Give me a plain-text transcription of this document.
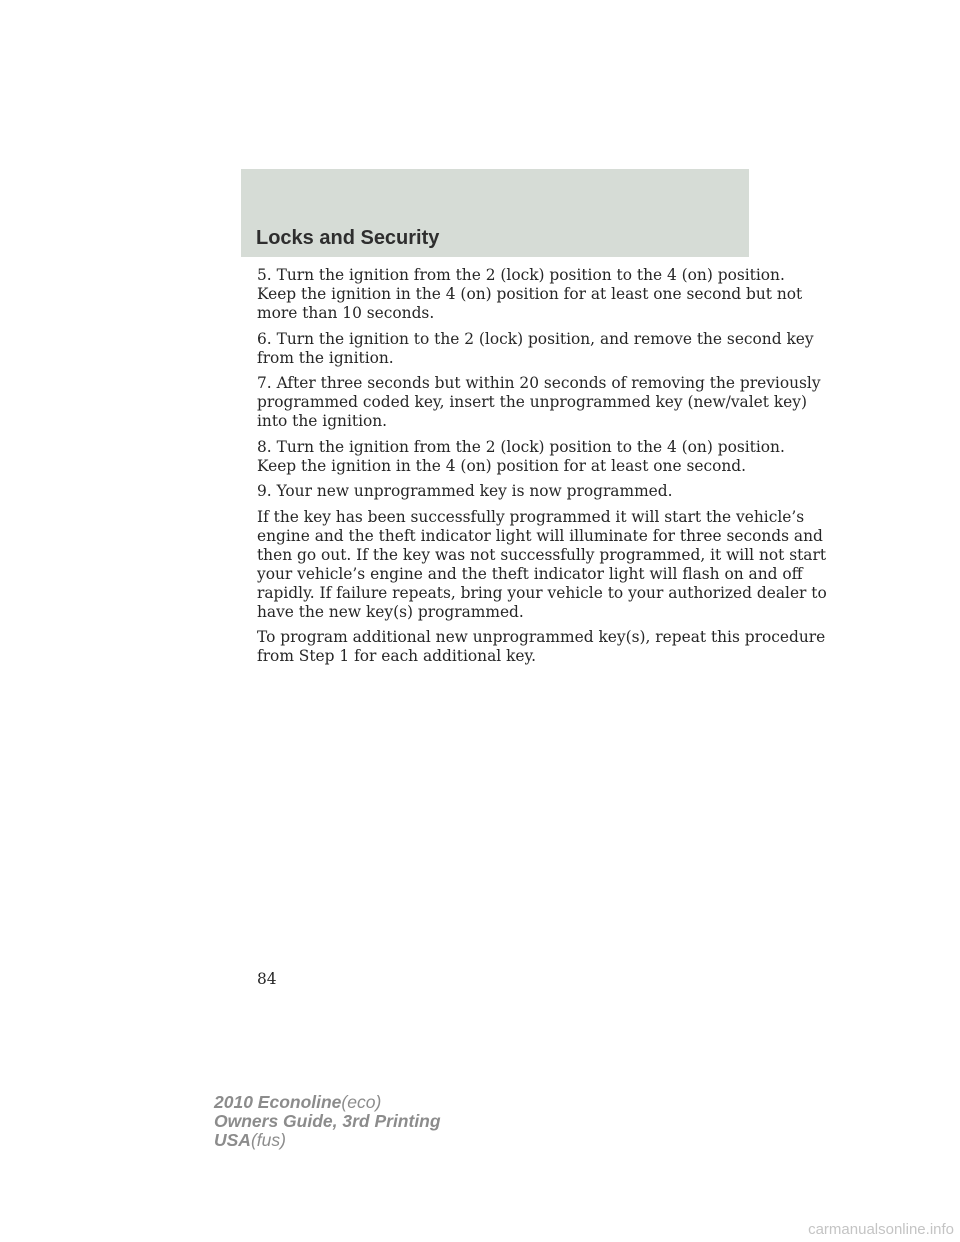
Locks and Security

5. Turn the ignition from the 2 (lock) position to the 4 (on) position.
Keep the ignition in the 4 (on) position for at least one second but not
more than 10 seconds.

6. Turn the ignition to the 2 (lock) position, and remove the second key
from the ignition.

7. After three seconds but within 20 seconds of removing the previously
programmed coded key, insert the unprogrammed key (new/valet key)
into the ignition.

8. Turn the ignition from the 2 (lock) position to the 4 (on) position.
Keep the ignition in the 4 (on) position for at least one second.

9. Your new unprogrammed key is now programmed.

If the key has been successfully programmed it will start the vehicle’s
engine and the theft indicator light will illuminate for three seconds and
then go out. If the key was not successfully programmed, it will not start
your vehicle’s engine and the theft indicator light will flash on and off
rapidly. If failure repeats, bring your vehicle to your authorized dealer to
have the new key(s) programmed.

To program additional new unprogrammed key(s), repeat this procedure
from Step 1 for each additional key.

84
2010 Econoline(eco)
Owners Guide, 3rd Printing
USA(fus)
carmanualsonline.info
